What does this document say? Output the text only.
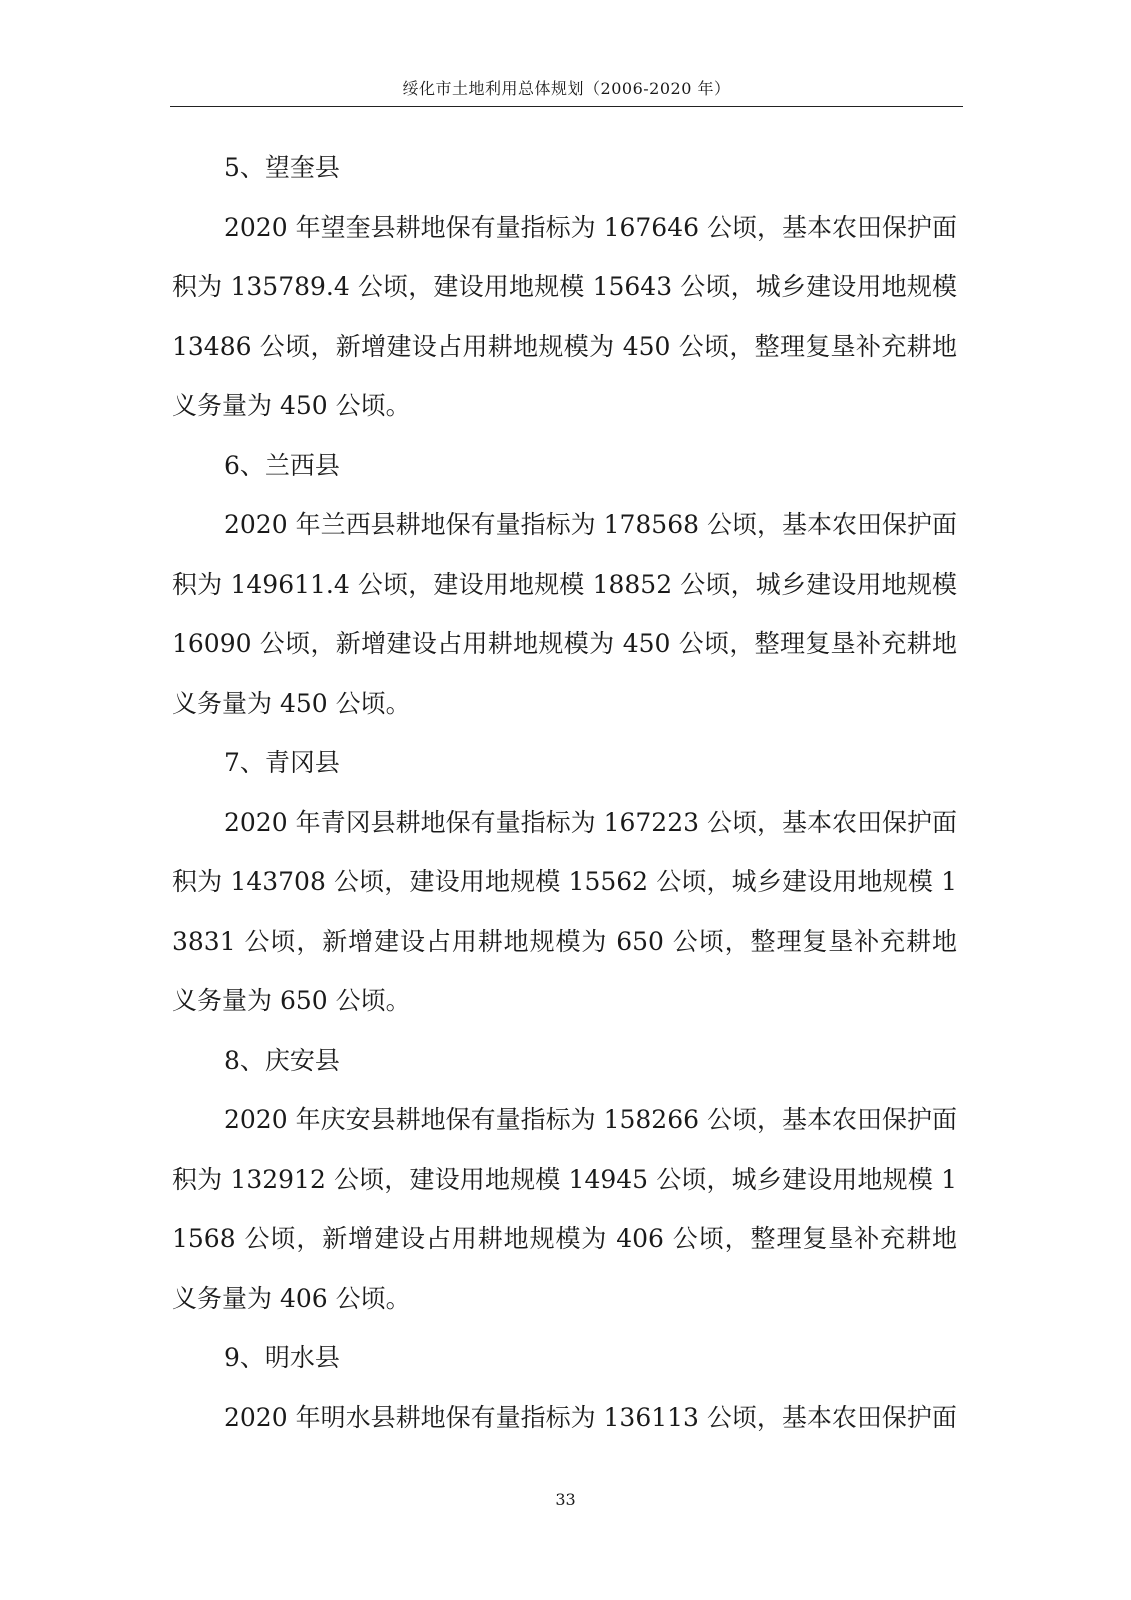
绥化市土地利用总体规划（2006-2020 年）
5、望奎县

2020 年望奎县耕地保有量指标为 167646 公顷，基本农田保护面积为 135789.4 公顷，建设用地规模 15643 公顷，城乡建设用地规模 13486 公顷，新增建设占用耕地规模为 450 公顷，整理复垦补充耕地义务量为 450 公顷。

6、兰西县

2020 年兰西县耕地保有量指标为 178568 公顷，基本农田保护面积为 149611.4 公顷，建设用地规模 18852 公顷，城乡建设用地规模 16090 公顷，新增建设占用耕地规模为 450 公顷，整理复垦补充耕地义务量为 450 公顷。

7、青冈县

2020 年青冈县耕地保有量指标为 167223 公顷，基本农田保护面积为 143708 公顷，建设用地规模 15562 公顷，城乡建设用地规模 13831 公顷，新增建设占用耕地规模为 650 公顷，整理复垦补充耕地义务量为 650 公顷。

8、庆安县

2020 年庆安县耕地保有量指标为 158266 公顷，基本农田保护面积为 132912 公顷，建设用地规模 14945 公顷，城乡建设用地规模 11568 公顷，新增建设占用耕地规模为 406 公顷，整理复垦补充耕地义务量为 406 公顷。

9、明水县

2020 年明水县耕地保有量指标为 136113 公顷，基本农田保护面

33
